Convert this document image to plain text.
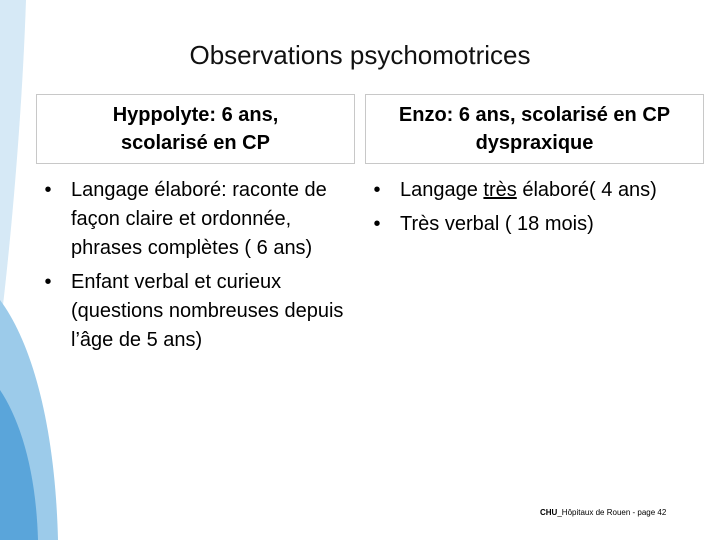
Observations psychomotrices
Hyppolyte: 6 ans,
scolarisé en CP
Enzo: 6 ans, scolarisé en CP
dyspraxique
• Langage élaboré: raconte de façon claire et ordonnée, phrases complètes ( 6 ans)
• Enfant verbal et curieux (questions nombreuses depuis l’âge de 5 ans)
• Langage très élaboré( 4 ans)
• Très verbal ( 18 mois)
CHU_Hôpitaux de Rouen - page 42
